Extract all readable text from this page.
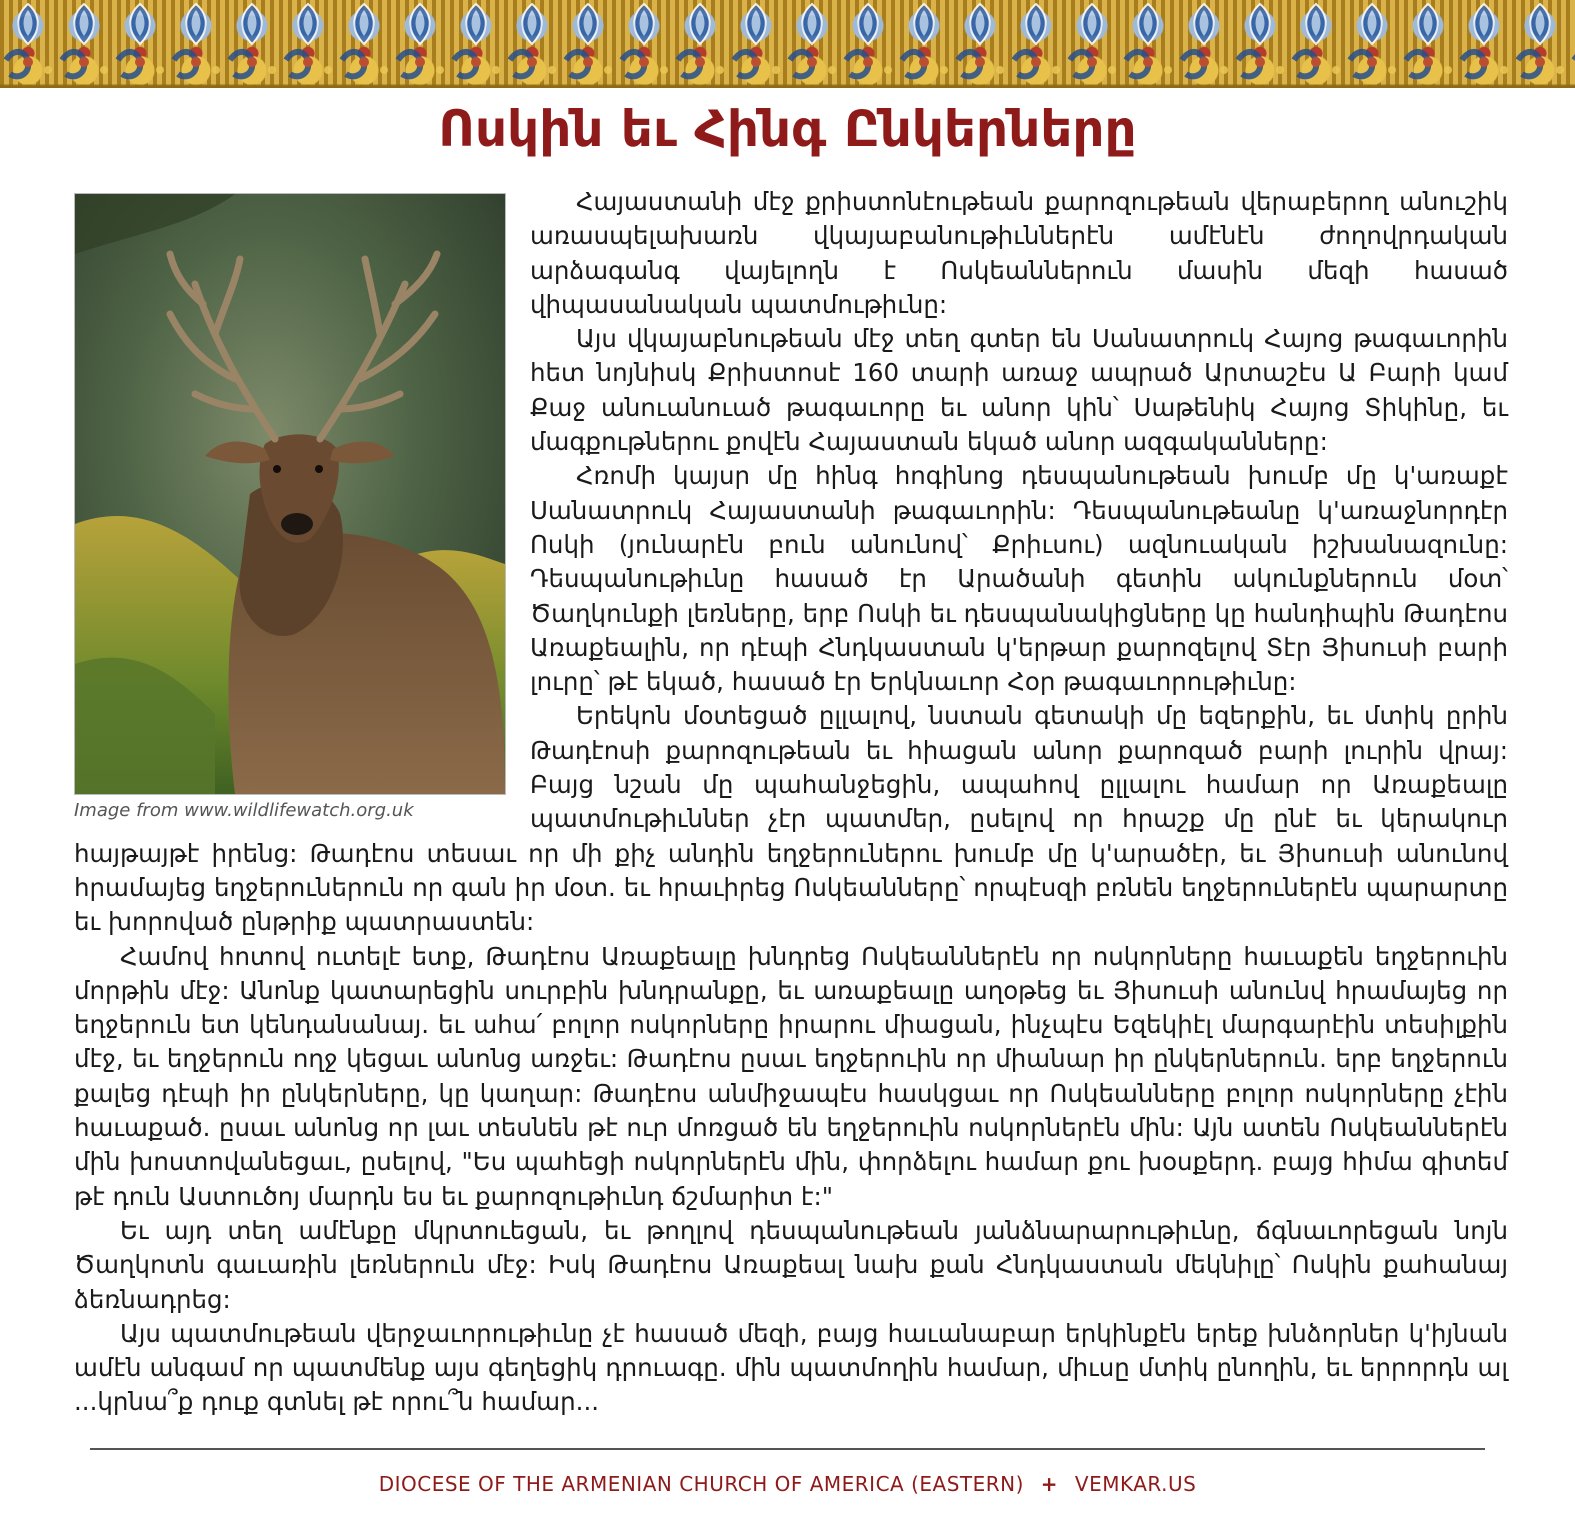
Ոսկին եւ Հինգ Ընկերները
Image from www.wildlifewatch.org.uk

Հայաստանի մէջ քրիստոնէութեան քարոզութեան վերաբերող անուշիկ առասպելախառն վկայաբանութիւններէն ամէնէն ժողովրդական արձագանգ վայելողն է Ոսկեաններուն մասին մեզի հասած վիպասանական պատմութիւնը:

Այս վկայաբնութեան մէջ տեղ գտեր են Սանատրուկ Հայոց թագաւորին հետ նոյնիսկ Քրիստոսէ 160 տարի առաջ ապրած Արտաշէս Ա Բարի կամ Քաջ անուանուած թագաւորը եւ անոր կին՝ Սաթենիկ Հայոց Տիկինը, եւ մագքութներու քովէն Հայաստան եկած անոր ազգականները:

Հռոմի կայսր մը հինգ հոգինոց դեսպանութեան խումբ մը կ'առաքէ Սանատրուկ Հայաստանի թագաւորին: Դեսպանութեանը կ'առաջնորդէր Ոսկի (յունարէն բուն անունով՝ Քրիւսու) ազնուական իշխանազունը: Դեսպանութիւնը հասած էր Արածանի գետին ակունքներուն մօտ՝ Ծաղկունքի լեռները, երբ Ոսկի եւ դեսպանակիցները կը հանդիպին Թադէոս Առաքեալին, որ դէպի Հնդկաստան կ'երթար քարոզելով Տէր Յիսուսի բարի լուրը՝ թէ եկած, հասած էր Երկնաւոր Հօր թագաւորութիւնը:

Երեկոն մօտեցած ըլլալով, նստան գետակի մը եզերքին, եւ մտիկ ըրին Թադէոսի քարոզութեան եւ հիացան անոր քարոզած բարի լուրին վրայ: Բայց նշան մը պահանջեցին, ապահով ըլլալու համար որ Առաքեալը պատմութիւններ չէր պատմեր, ըսելով որ հրաշք մը ընէ եւ կերակուր հայթայթէ իրենց: Թադէոս տեսաւ որ մի քիչ անդին եղջերուներու խումբ մը կ'արածէր, եւ Յիսուսի անունով հրամայեց եղջերուներուն որ գան իր մօտ. եւ հրաւիրեց Ոսկեանները՝ որպէսզի բռնեն եղջերուներէն պարարտը եւ խորոված ընթրիք պատրաստեն:

Համով հոտով ուտելէ ետք, Թադէոս Առաքեալը խնդրեց Ոսկեաններէն որ ոսկորները հաւաքեն եղջերուին մորթին մէջ: Անոնք կատարեցին սուրբին խնդրանքը, եւ առաքեալը աղօթեց եւ Յիսուսի անունվ հրամայեց որ եղջերուն ետ կենդանանայ. եւ ահա՛ բոլոր ոսկորները իրարու միացան, ինչպէս Եզեկիէլ մարգարէին տեսիլքին մէջ, եւ եղջերուն ողջ կեցաւ անոնց առջեւ: Թադէոս ըսաւ եղջերուին որ միանար իր ընկերներուն. երբ եղջերուն քալեց դէպի իր ընկերները, կը կաղար: Թադէոս անմիջապէս հասկցաւ որ Ոսկեանները բոլոր ոսկորները չէին հաւաքած. ըսաւ անոնց որ լաւ տեսնեն թէ ուր մոռցած են եղջերուին ոսկորներէն մին: Այն ատեն Ոսկեաններէն մին խոստովանեցաւ, ըսելով, "Ես պահեցի ոսկորներէն մին, փորձելու համար քու խօսքերդ. բայց հիմա գիտեմ թէ դուն Աստուծոյ մարդն ես եւ քարոզութիւնդ ճշմարիտ է:"

Եւ այդ տեղ ամէնքը մկրտուեցան, եւ թողլով դեսպանութեան յանձնարարութիւնը, ճգնաւորեցան նոյն Ծաղկոտն գաւառին լեռներուն մէջ: Իսկ Թադէոս Առաքեալ նախ քան Հնդկաստան մեկնիլը՝ Ոսկին քահանայ ձեռնադրեց:

Այս պատմութեան վերջաւորութիւնը չէ հասած մեզի, բայց հաւանաբար երկինքէն երեք խնձորներ կ'իյնան ամէն անգամ որ պատմենք այս գեղեցիկ դրուագը. մին պատմողին համար, միւսը մտիկ ընողին, եւ երրորդն ալ ...կրնա՞ք դուք գտնել թէ որու՞ն համար...

DIOCESE OF THE ARMENIAN CHURCH OF AMERICA (EASTERN) + VEMKAR.US
